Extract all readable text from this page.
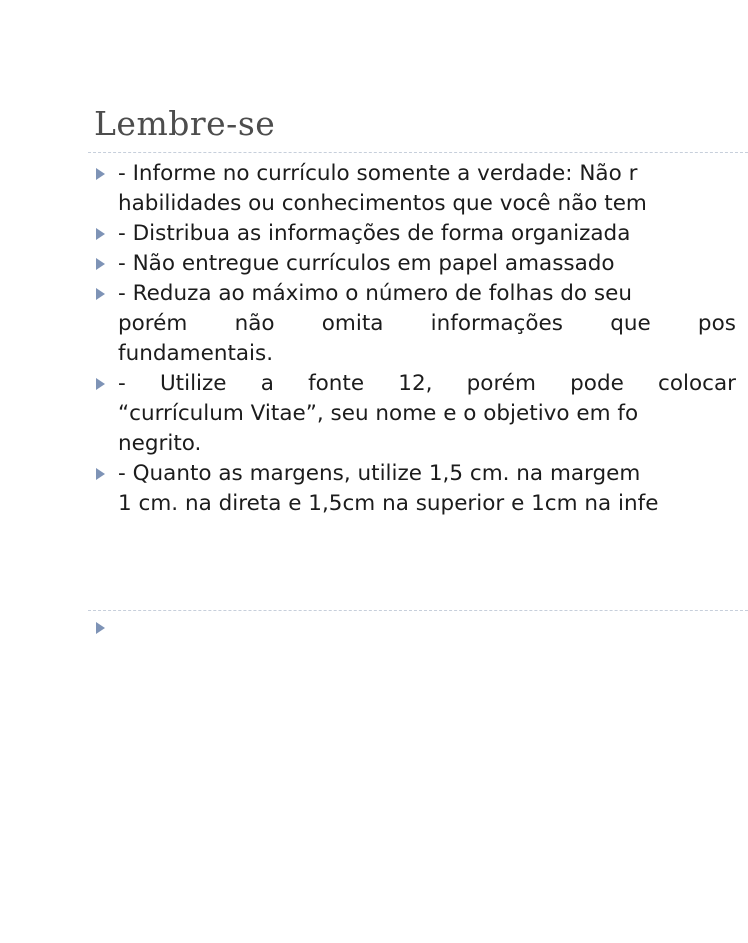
Lembre-se
- Informe no currículo somente a verdade: Não r
habilidades ou conhecimentos que você não tem
- Distribua as informações de forma organizada
- Não entregue currículos em papel amassado
- Reduza ao máximo o número de folhas do seu
porém não omita informações que pos
fundamentais.
- Utilize a fonte 12, porém pode colocar
“currículum Vitae”, seu nome e o objetivo em fo
negrito.
- Quanto as margens, utilize 1,5 cm. na margem
1 cm. na direta e 1,5cm na superior e 1cm na infe
